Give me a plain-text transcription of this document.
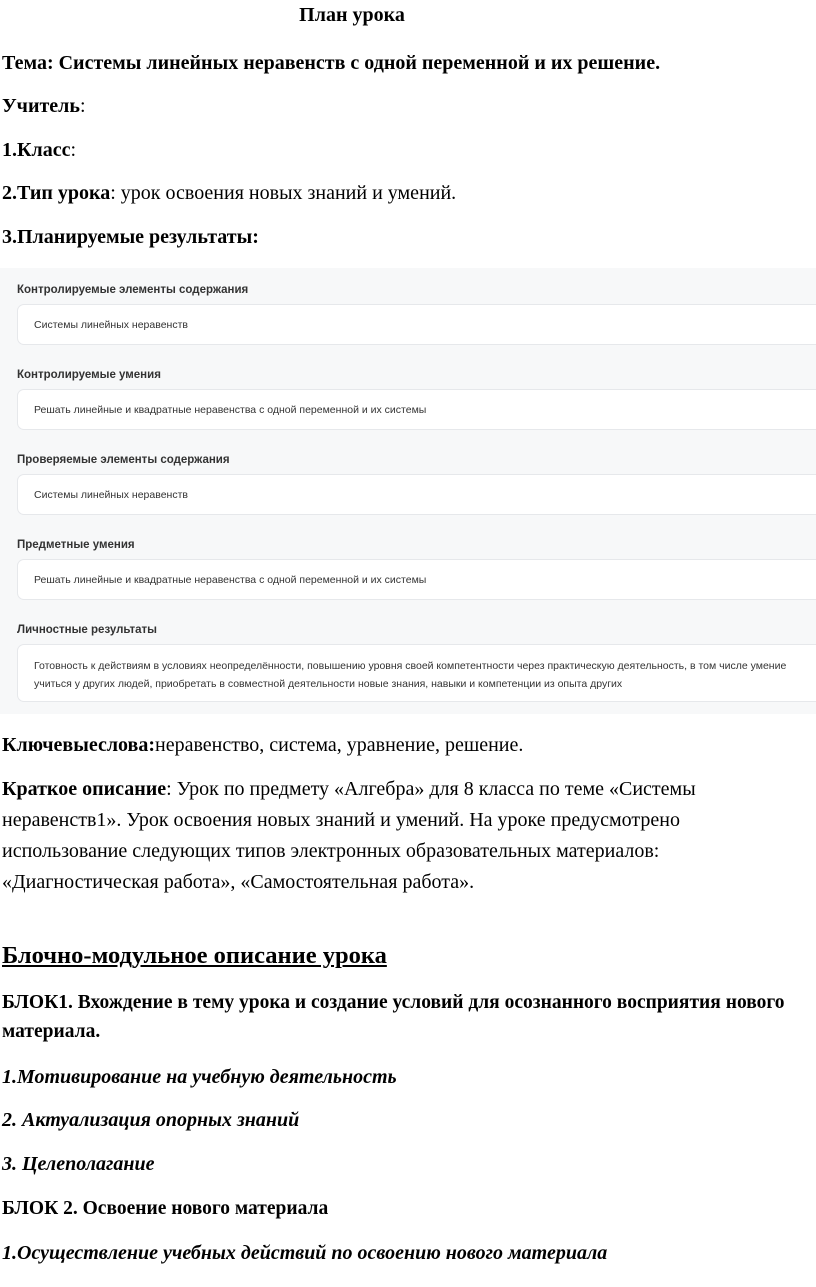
План урока
Тема: Системы линейных неравенств с одной переменной и их решение.
Учитель:
1.Класс:
2.Тип урока: урок освоения новых знаний и умений.
3.Планируемые результаты:
Контролируемые элементы содержания
Системы линейных неравенств
Контролируемые умения
Решать линейные и квадратные неравенства с одной переменной и их системы
Проверяемые элементы содержания
Системы линейных неравенств
Предметные умения
Решать линейные и квадратные неравенства с одной переменной и их системы
Личностные результаты
Готовность к действиям в условиях неопределённости, повышению уровня своей компетентности через практическую деятельность, в том числе умение учиться у других людей, приобретать в совместной деятельности новые знания, навыки и компетенции из опыта других
Ключевыеслова:неравенство, система, уравнение, решение.
Краткое описание: Урок по предмету «Алгебра» для 8 класса по теме «Системы неравенств1». Урок освоения новых знаний и умений. На уроке предусмотрено использование следующих типов электронных образовательных материалов: «Диагностическая работа», «Самостоятельная работа».
Блочно-модульное описание урока
БЛОК1. Вхождение в тему урока и создание условий для осознанного восприятия нового материала.
1.Мотивирование на учебную деятельность
2. Актуализация опорных знаний
3. Целеполагание
БЛОК 2. Освоение нового материала
1.Осуществление учебных действий по освоению нового материала
